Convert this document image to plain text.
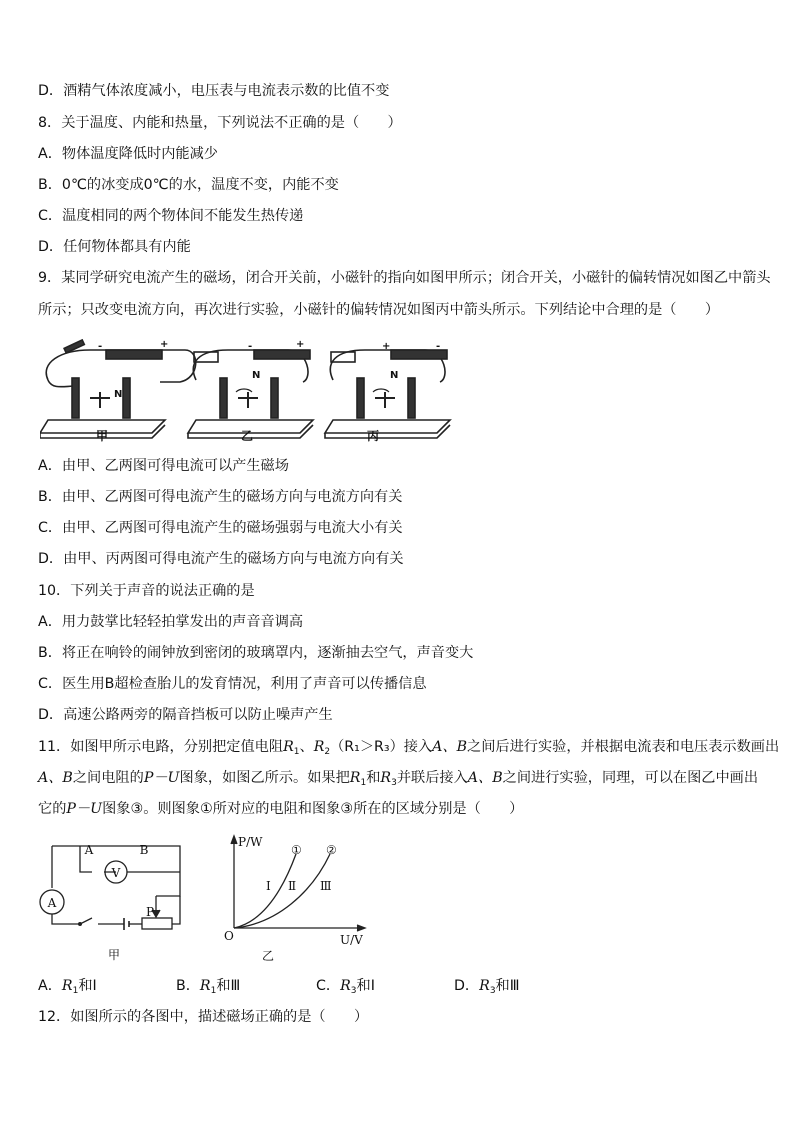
D．酒精气体浓度减小，电压表与电流表示数的比值不变
8．关于温度、内能和热量，下列说法不正确的是（　　）
A．物体温度降低时内能减少
B．0℃的冰变成0℃的水，温度不变，内能不变
C．温度相同的两个物体间不能发生热传递
D．任何物体都具有内能
9．某同学研究电流产生的磁场，闭合开关前，小磁针的指向如图甲所示；闭合开关，小磁针的偏转情况如图乙中箭头
所示；只改变电流方向，再次进行实验，小磁针的偏转情况如图丙中箭头所示。下列结论中合理的是（　　）
N
N	N
-	+	-	+	+	-
甲	乙	丙
A．由甲、乙两图可得电流可以产生磁场
B．由甲、乙两图可得电流产生的磁场方向与电流方向有关
C．由甲、乙两图可得电流产生的磁场强弱与电流大小有关
D．由甲、丙两图可得电流产生的磁场方向与电流方向有关
10．下列关于声音的说法正确的是
A．用力鼓掌比轻轻拍掌发出的声音音调高
B．将正在响铃的闹钟放到密闭的玻璃罩内，逐渐抽去空气，声音变大
C．医生用B超检查胎儿的发育情况，利用了声音可以传播信息
D．高速公路两旁的隔音挡板可以防止噪声产生
11．如图甲所示电路，分别把定值电阻$R_1$、$R_2(R_1>R_3)$接入A、B之间后进行实验，并根据电流表和电压表示数画出
A、B之间电阻的P－U图象，如图乙所示。如果把$R_1$和$R_3$并联后接入A、B之间进行实验，同理，可以在图乙中画出
它的P－U图象③。则图象①所对应的电阻和图象③所在的区域分别是（　　）
A	B
V
A
P
甲
P/W
U/V
O
① ②
Ⅰ Ⅱ Ⅲ
乙
A．$R_1$和Ⅰ	B．$R_1$和Ⅲ	C．$R_3$和Ⅰ	D．$R_3$和Ⅲ
12．如图所示的各图中，描述磁场正确的是（　　）
